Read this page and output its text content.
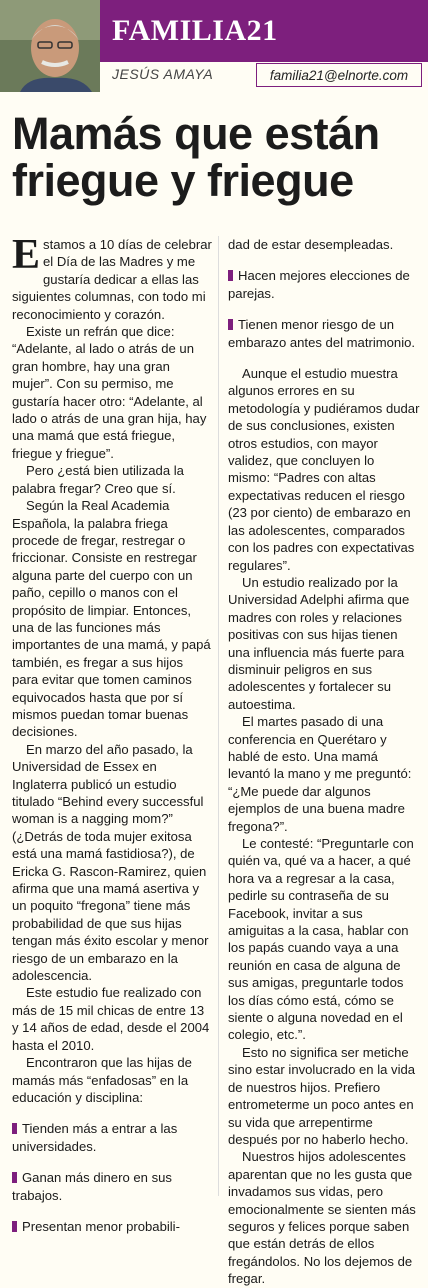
FAMILIA21
JESÚS AMAYA	familia21@elnorte.com
Mamás que están friegue y friegue

Estamos a 10 días de celebrar el Día de las Madres y me gustaría dedicar a ellas las siguientes columnas, con todo mi reconocimiento y corazón.

Existe un refrán que dice: “Adelante, al lado o atrás de un gran hombre, hay una gran mujer”. Con su permiso, me gustaría hacer otro: “Adelante, al lado o atrás de una gran hija, hay una mamá que está friegue, friegue y friegue”.

Pero ¿está bien utilizada la palabra fregar? Creo que sí.

Según la Real Academia Española, la palabra friega procede de fregar, restregar o friccionar. Consiste en restregar alguna parte del cuerpo con un paño, cepillo o manos con el propósito de limpiar. Entonces, una de las funciones más importantes de una mamá, y papá también, es fregar a sus hijos para evitar que tomen caminos equivocados hasta que por sí mismos puedan tomar buenas decisiones.

En marzo del año pasado, la Universidad de Essex en Inglaterra publicó un estudio titulado “Behind every successful woman is a nagging mom?” (¿Detrás de toda mujer exitosa está una mamá fastidiosa?), de Ericka G. Rascon-Ramirez, quien afirma que una mamá asertiva y un poquito “fregona” tiene más probabilidad de que sus hijas tengan más éxito escolar y menor riesgo de un embarazo en la adolescencia.

Este estudio fue realizado con más de 15 mil chicas de entre 13 y 14 años de edad, desde el 2004 hasta el 2010.

Encontraron que las hijas de mamás más “enfadosas” en la educación y disciplina:

Tienden más a entrar a las universidades.

Ganan más dinero en sus trabajos.

Presentan menor probabili-

dad de estar desempleadas.

Hacen mejores elecciones de parejas.

Tienen menor riesgo de un embarazo antes del matrimonio.

Aunque el estudio muestra algunos errores en su metodología y pudiéramos dudar de sus conclusiones, existen otros estudios, con mayor validez, que concluyen lo mismo: “Padres con altas expectativas reducen el riesgo (23 por ciento) de embarazo en las adolescentes, comparados con los padres con expectativas regulares”.

Un estudio realizado por la Universidad Adelphi afirma que madres con roles y relaciones positivas con sus hijas tienen una influencia más fuerte para disminuir peligros en sus adolescentes y fortalecer su autoestima.

El martes pasado di una conferencia en Querétaro y hablé de esto. Una mamá levantó la mano y me preguntó: “¿Me puede dar algunos ejemplos de una buena madre fregona?”.

Le contesté: “Preguntarle con quién va, qué va a hacer, a qué hora va a regresar a la casa, pedirle su contraseña de su Facebook, invitar a sus amiguitas a la casa, hablar con los papás cuando vaya a una reunión en casa de alguna de sus amigas, preguntarle todos los días cómo está, cómo se siente o alguna novedad en el colegio, etc.”.

Esto no significa ser metiche sino estar involucrado en la vida de nuestros hijos. Prefiero entrometerme un poco antes en su vida que arrepentirme después por no haberlo hecho.

Nuestros hijos adolescentes aparentan que no les gusta que invadamos sus vidas, pero emocionalmente se sienten más seguros y felices porque saben que están detrás de ellos fregándolos. No los dejemos de fregar.
